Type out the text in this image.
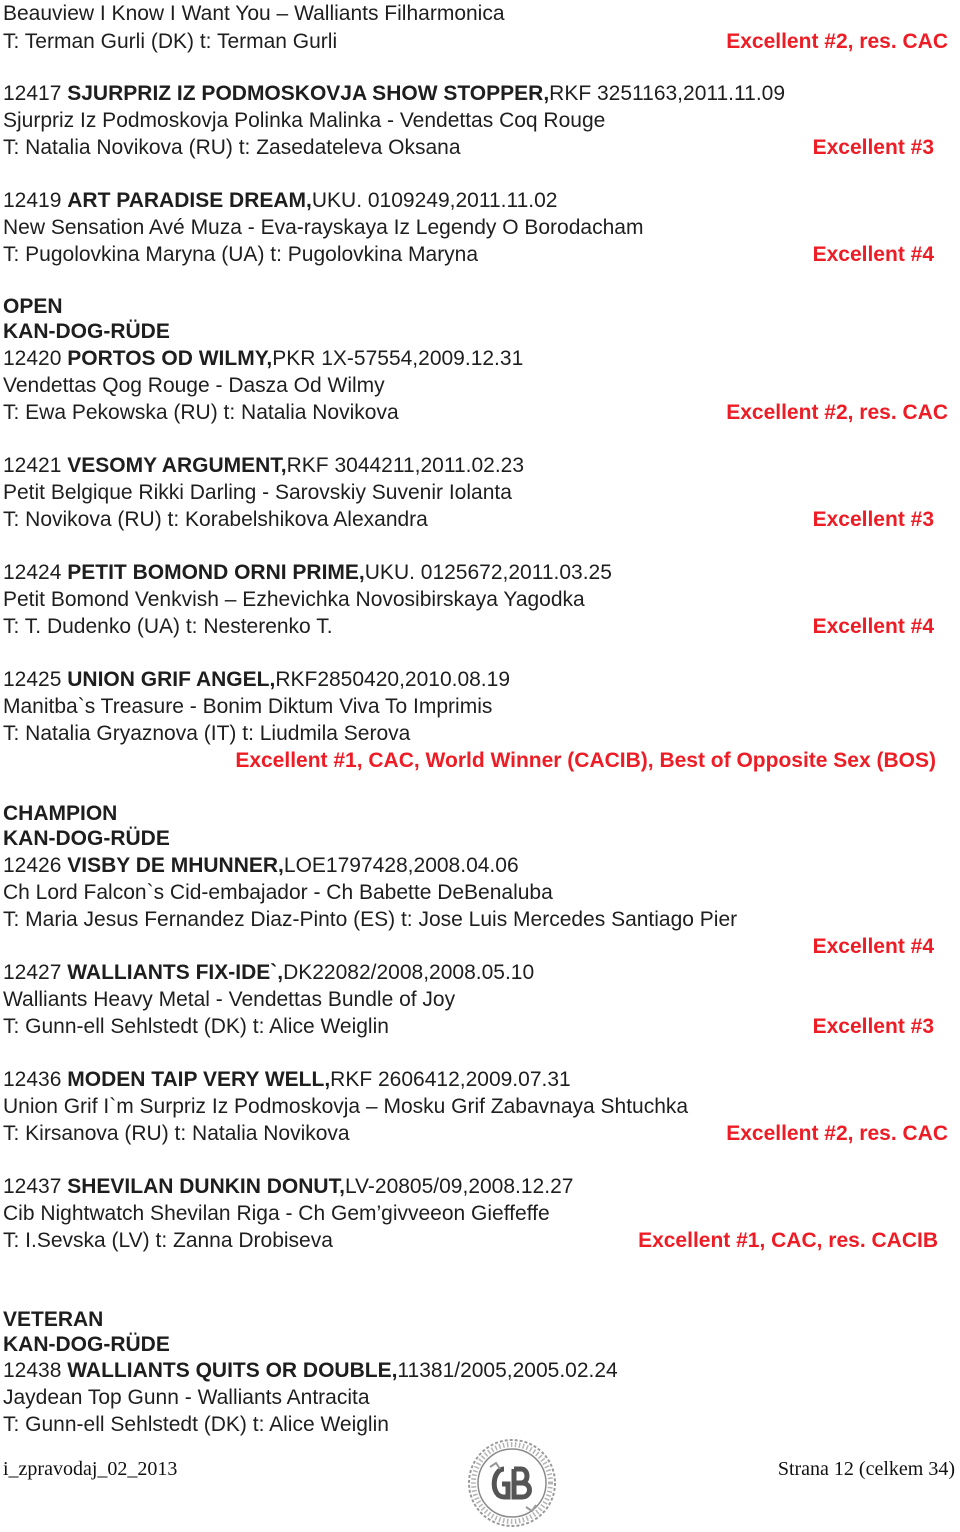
Beauview I Know I Want You – Walliants Filharmonica
T: Terman Gurli (DK) t: Terman Gurli	Excellent #2, res. CAC
12417 SJURPRIZ IZ PODMOSKOVJA SHOW STOPPER,RKF 3251163,2011.11.09
Sjurpriz Iz Podmoskovja Polinka Malinka - Vendettas Coq Rouge
T: Natalia Novikova (RU) t: Zasedateleva Oksana	Excellent #3
12419 ART PARADISE DREAM,UKU. 0109249,2011.11.02
New Sensation Avé Muza - Eva-rayskaya Iz Legendy O Borodacham
T: Pugolovkina Maryna (UA) t: Pugolovkina Maryna	Excellent #4
OPEN
KAN-DOG-RÜDE
12420 PORTOS OD WILMY,PKR 1X-57554,2009.12.31
Vendettas Qog Rouge - Dasza Od Wilmy
T: Ewa Pekowska (RU) t: Natalia Novikova	Excellent #2, res. CAC
12421 VESOMY ARGUMENT,RKF 3044211,2011.02.23
Petit Belgique Rikki Darling - Sarovskiy Suvenir Iolanta
T: Novikova (RU) t: Korabelshikova Alexandra	Excellent #3
12424 PETIT BOMOND ORNI PRIME,UKU. 0125672,2011.03.25
Petit Bomond Venkvish – Ezhevichka Novosibirskaya Yagodka
T: T. Dudenko (UA) t: Nesterenko T.	Excellent #4
12425 UNION GRIF ANGEL,RKF2850420,2010.08.19
Manitba`s Treasure - Bonim Diktum Viva To Imprimis
T: Natalia Gryaznova (IT) t: Liudmila Serova
Excellent #1, CAC, World Winner (CACIB), Best of Opposite Sex (BOS)
CHAMPION
KAN-DOG-RÜDE
12426 VISBY DE MHUNNER,LOE1797428,2008.04.06
Ch Lord Falcon`s Cid-embajador - Ch Babette DeBenaluba
T: Maria Jesus Fernandez Diaz-Pinto (ES) t: Jose Luis Mercedes Santiago Pier
Excellent #4
12427 WALLIANTS FIX-IDE`,DK22082/2008,2008.05.10
Walliants Heavy Metal - Vendettas Bundle of Joy
T: Gunn-ell Sehlstedt (DK) t: Alice Weiglin	Excellent #3
12436 MODEN TAIP VERY WELL,RKF 2606412,2009.07.31
Union Grif I`m Surpriz Iz Podmoskovja – Mosku Grif Zabavnaya Shtuchka
T: Kirsanova (RU) t: Natalia Novikova	Excellent #2, res. CAC
12437 SHEVILAN DUNKIN DONUT,LV-20805/09,2008.12.27
Cib Nightwatch Shevilan Riga - Ch Gem’givveeon Gieffeffe
T: I.Sevska (LV) t: Zanna Drobiseva	Excellent #1, CAC, res. CACIB
VETERAN
KAN-DOG-RÜDE
12438 WALLIANTS QUITS OR DOUBLE,11381/2005,2005.02.24
Jaydean Top Gunn - Walliants Antracita
T: Gunn-ell Sehlstedt (DK) t: Alice Weiglin
i_zpravodaj_02_2013	Strana 12 (celkem 34)
